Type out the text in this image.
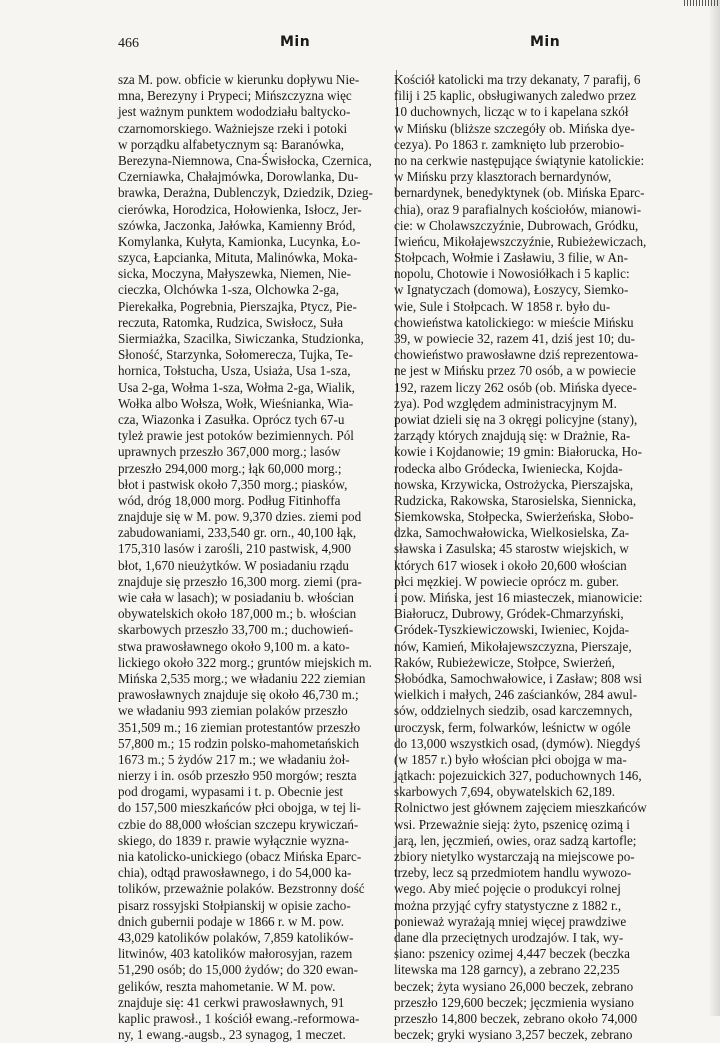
466	Min	Min
sza M. pow. obficie w kierunku dopływu Nie-
mna, Berezyny i Prypeci; Mińszczyzna więc
jest ważnym punktem wododziału baltycko-
czarnomorskiego. Ważniejsze rzeki i potoki
w porządku alfabetycznym są: Baranówka,
Berezyna-Niemnowa, Cna-Świsłocka, Czernica,
Czerniawka, Chałajmówka, Dorowlanka, Du-
brawka, Derażna, Dublenczyk, Dziedzik, Dzieg-
cierówka, Horodzica, Hołowienka, Isłocz, Jer-
szówka, Jaczonka, Jałówka, Kamienny Bród,
Komylanka, Kułyta, Kamionka, Lucynka, Ło-
szyca, Łapcianka, Mituta, Malinówka, Moka-
sicka, Moczyna, Małyszewka, Niemen, Nie-
cieczka, Olchówka 1-sza, Olchowka 2-ga,
Pierekałka, Pogrebnia, Pierszajka, Ptycz, Pie-
reczuta, Ratomka, Rudzica, Swisłocz, Suła
Siermiażka, Szacilka, Siwiczanka, Studzionka,
Słoność, Starzynka, Sołomerecza, Tujka, Te-
hornica, Tołstucha, Usza, Usiaża, Usa 1-sza,
Usa 2-ga, Wołma 1-sza, Wołma 2-ga, Wialik,
Wołka albo Wołsza, Wołk, Wieśnianka, Wia-
cza, Wiazonka i Zasułka. Oprócz tych 67-u
tyleż prawie jest potoków bezimiennych. Pól
uprawnych przeszło 367,000 morg.; lasów
przeszło 294,000 morg.; łąk 60,000 morg.;
błot i pastwisk około 7,350 morg.; piasków,
wód, dróg 18,000 morg. Podług Fitinhoffa
znajduje się w M. pow. 9,370 dzies. ziemi pod
zabudowaniami, 233,540 gr. orn., 40,100 łąk,
175,310 lasów i zarośli, 210 pastwisk, 4,900
błot, 1,670 nieużytków. W posiadaniu rządu
znajduje się przeszło 16,300 morg. ziemi (pra-
wie cała w lasach); w posiadaniu b. włościan
obywatelskich około 187,000 m.; b. włościan
skarbowych przeszło 33,700 m.; duchowień-
stwa prawosławnego około 9,100 m. a kato-
lickiego około 322 morg.; gruntów miejskich m.
Mińska 2,535 morg.; we władaniu 222 ziemian
prawosławnych znajduje się około 46,730 m.;
we władaniu 993 ziemian polaków przeszło
351,509 m.; 16 ziemian protestantów przeszło
57,800 m.; 15 rodzin polsko-mahometańskich
1673 m.; 5 żydów 217 m.; we władaniu żoł-
nierzy i in. osób przeszło 950 morgów; reszta
pod drogami, wypasami i t. p. Obecnie jest
do 157,500 mieszkańców płci obojga, w tej li-
czbie do 88,000 włościan szczepu krywiczań-
skiego, do 1839 r. prawie wyłącznie wyzna-
nia katolicko-unickiego (obacz Mińska Eparc-
chia), odtąd prawosławnego, i do 54,000 ka-
tolików, przeważnie polaków. Bezstronny dość
pisarz rossyjski Stołpianskij w opisie zacho-
dnich gubernii podaje w 1866 r. w M. pow.
43,029 katolików polaków, 7,859 katolików-
litwinów, 403 katolików małorosyjan, razem
51,290 osób; do 15,000 żydów; do 320 ewan-
gelików, reszta mahometanie. W M. pow.
znajduje się: 41 cerkwi prawosławnych, 91
kaplic prawosł., 1 kościół ewang.-reformowa-
ny, 1 ewang.-augsb., 23 synagog, 1 meczet.
Kościół katolicki ma trzy dekanaty, 7 parafij, 6
filij i 25 kaplic, obsługiwanych zaledwo przez
10 duchownych, licząc w to i kapelana szkół
w Mińsku (bliższe szczegóły ob. Mińska dye-
cezya). Po 1863 r. zamknięto lub przerobio-
no na cerkwie następujące świątynie katolickie:
w Mińsku przy klasztorach bernardynów,
bernardynek, benedyktynek (ob. Mińska Eparc-
chia), oraz 9 parafialnych kościołów, mianowi-
cie: w Cholawszczyźnie, Dubrowach, Gródku,
Iwieńcu, Mikołajewszczyźnie, Rubieżewiczach,
Stołpcach, Wołmie i Zasławiu, 3 filie, w An-
nopolu, Chotowie i Nowosiółkach i 5 kaplic:
w Ignatyczach (domowa), Łoszycy, Siemko-
wie, Sule i Stołpcach. W 1858 r. było du-
chowieństwa katolickiego: w mieście Mińsku
39, w powiecie 32, razem 41, dziś jest 10; du-
chowieństwo prawosławne dziś reprezentowa-
ne jest w Mińsku przez 70 osób, a w powiecie
192, razem liczy 262 osób (ob. Mińska dyece-
zya). Pod względem administracyjnym M.
powiat dzieli się na 3 okręgi policyjne (stany),
zarządy których znajdują się: w Drażnie, Ra-
kowie i Kojdanowie; 19 gmin: Białorucka, Ho-
rodecka albo Gródecka, Iwieniecka, Kojda-
nowska, Krzywicka, Ostrożycka, Pierszajska,
Rudzicka, Rakowska, Starosielska, Siennicka,
Siemkowska, Stołpecka, Swierżeńska, Słobo-
dzka, Samochwałowicka, Wielkosielska, Za-
sławska i Zasulska; 45 starostw wiejskich, w
których 617 wiosek i około 20,600 włościan
płci męzkiej. W powiecie oprócz m. guber.
i pow. Mińska, jest 16 miasteczek, mianowicie:
Białorucz, Dubrowy, Gródek-Chmarzyński,
Gródek-Tyszkiewiczowski, Iwieniec, Kojda-
nów, Kamień, Mikołajewszczyzna, Pierszaje,
Raków, Rubieżewicze, Stołpce, Swierżeń,
Słobódka, Samochwałowice, i Zasław; 808 wsi
wielkich i małych, 246 zaścianków, 284 awul-
sów, oddzielnych siedzib, osad karczemnych,
uroczysk, ferm, folwarków, leśnictw w ogóle
do 13,000 wszystkich osad, (dymów). Niegdyś
(w 1857 r.) było włościan płci obojga w ma-
jątkach: pojezuickich 327, poduchownych 146,
skarbowych 7,694, obywatelskich 62,189.
Rolnictwo jest głównem zajęciem mieszkańców
wsi. Przeważnie sieją: żyto, pszenicę ozimą i
jarą, len, jęczmień, owies, oraz sadzą kartofle;
zbiory nietylko wystarczają na miejscowe po-
trzeby, lecz są przedmiotem handlu wywozo-
wego. Aby mieć pojęcie o produkcyi rolnej
można przyjąć cyfry statystyczne z 1882 r.,
ponieważ wyrażają mniej więcej prawdziwe
dane dla przeciętnych urodzajów. I tak, wy-
siano: pszenicy ozimej 4,447 beczek (beczka
litewska ma 128 garncy), a zebrano 22,235
beczek; żyta wysiano 26,000 beczek, zebrano
przeszło 129,600 beczek; jęczmienia wysiano
przeszło 14,800 beczek, zebrano około 74,000
beczek; gryki wysiano 3,257 beczek, zebrano
